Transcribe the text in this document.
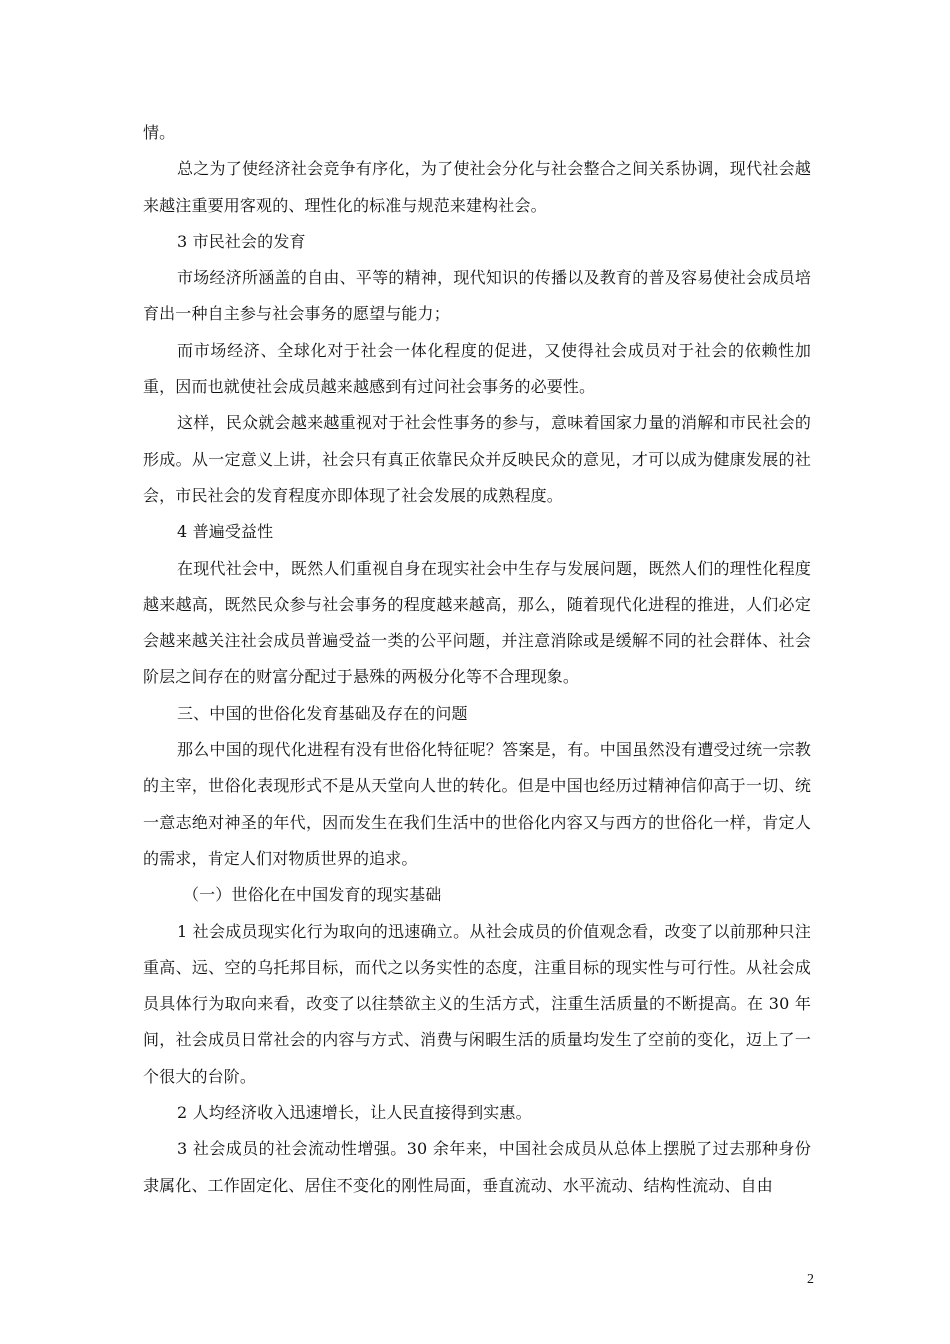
情。

总之为了使经济社会竞争有序化，为了使社会分化与社会整合之间关系协调，现代社会越来越注重要用客观的、理性化的标准与规范来建构社会。

3 市民社会的发育

市场经济所涵盖的自由、平等的精神，现代知识的传播以及教育的普及容易使社会成员培育出一种自主参与社会事务的愿望与能力；

而市场经济、全球化对于社会一体化程度的促进，又使得社会成员对于社会的依赖性加重，因而也就使社会成员越来越感到有过问社会事务的必要性。

这样，民众就会越来越重视对于社会性事务的参与，意味着国家力量的消解和市民社会的形成。从一定意义上讲，社会只有真正依靠民众并反映民众的意见，才可以成为健康发展的社会，市民社会的发育程度亦即体现了社会发展的成熟程度。

4 普遍受益性

在现代社会中，既然人们重视自身在现实社会中生存与发展问题，既然人们的理性化程度越来越高，既然民众参与社会事务的程度越来越高，那么，随着现代化进程的推进，人们必定会越来越关注社会成员普遍受益一类的公平问题，并注意消除或是缓解不同的社会群体、社会阶层之间存在的财富分配过于悬殊的两极分化等不合理现象。

三、中国的世俗化发育基础及存在的问题

那么中国的现代化进程有没有世俗化特征呢？答案是，有。中国虽然没有遭受过统一宗教的主宰，世俗化表现形式不是从天堂向人世的转化。但是中国也经历过精神信仰高于一切、统一意志绝对神圣的年代，因而发生在我们生活中的世俗化内容又与西方的世俗化一样，肯定人的需求，肯定人们对物质世界的追求。

（一）世俗化在中国发育的现实基础

1 社会成员现实化行为取向的迅速确立。从社会成员的价值观念看，改变了以前那种只注重高、远、空的乌托邦目标，而代之以务实性的态度，注重目标的现实性与可行性。从社会成员具体行为取向来看，改变了以往禁欲主义的生活方式，注重生活质量的不断提高。在 30 年间，社会成员日常社会的内容与方式、消费与闲暇生活的质量均发生了空前的变化，迈上了一个很大的台阶。

2 人均经济收入迅速增长，让人民直接得到实惠。

3 社会成员的社会流动性增强。30 余年来，中国社会成员从总体上摆脱了过去那种身份隶属化、工作固定化、居住不变化的刚性局面，垂直流动、水平流动、结构性流动、自由

2
